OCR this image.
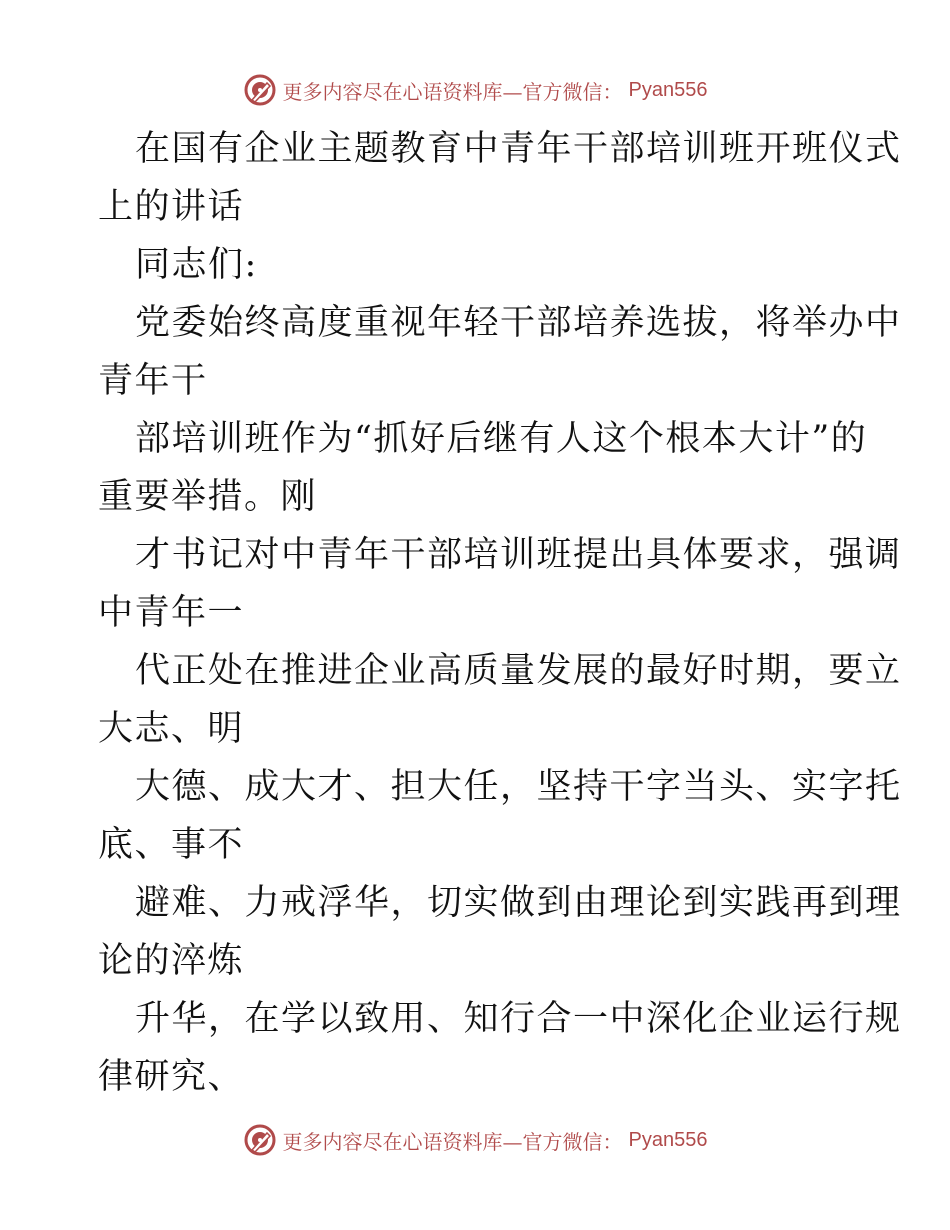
更多内容尽在心语资料库—官方微信： Pyan556
在国有企业主题教育中青年干部培训班开班仪式
上的讲话
同志们:
党委始终高度重视年轻干部培养选拔，将举办中
青年干
部培训班作为“抓好后继有人这个根本大计”的
重要举措。刚
才书记对中青年干部培训班提出具体要求，强调
中青年一
代正处在推进企业高质量发展的最好时期，要立
大志、明
大德、成大才、担大任，坚持干字当头、实字托
底、事不
避难、力戒浮华，切实做到由理论到实践再到理
论的淬炼
升华，在学以致用、知行合一中深化企业运行规
律研究、
更多内容尽在心语资料库—官方微信： Pyan556
